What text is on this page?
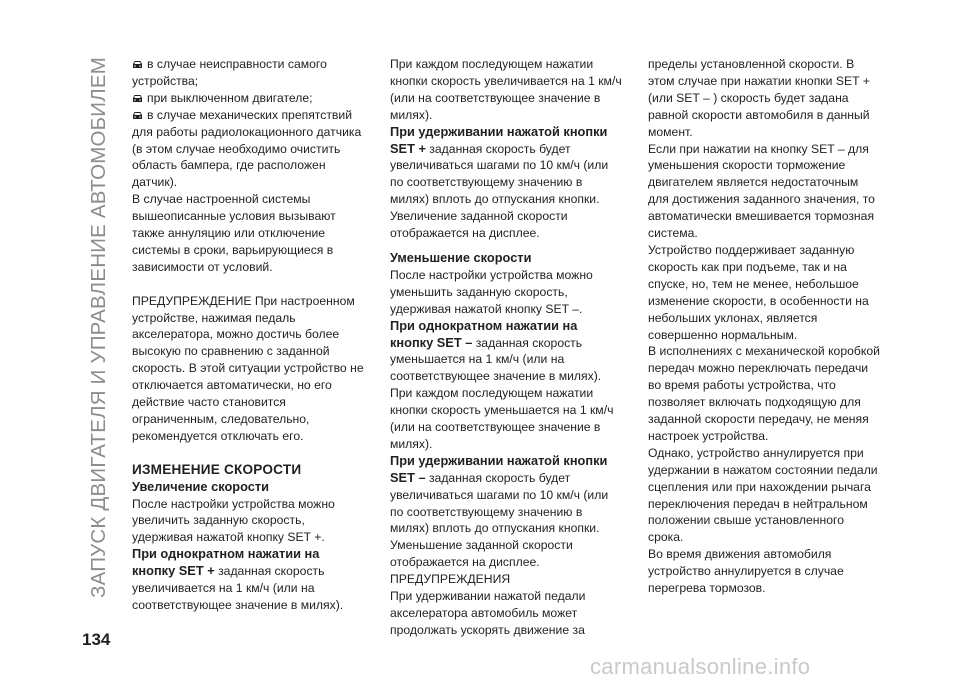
ЗАПУСК ДВИГАТЕЛЯ И УПРАВЛЕНИЕ АВТОМОБИЛЕМ
134

в случае неисправности самого устройства;

при выключенном двигателе;

в случае механических препятствий для работы радиолокационного датчика (в этом случае необходимо очистить область бампера, где расположен датчик).

В случае настроенной системы вышеописанные условия вызывают также аннуляцию или отключение системы в сроки, варьирующиеся в зависимости от условий.

ПРЕДУПРЕЖДЕНИЕ При настроенном устройстве, нажимая педаль акселератора, можно достичь более высокую по сравнению с заданной скорость. В этой ситуации устройство не отключается автоматически, но его действие часто становится ограниченным, следовательно, рекомендуется отключать его.

ИЗМЕНЕНИЕ СКОРОСТИ

Увеличение скорости

После настройки устройства можно увеличить заданную скорость, удерживая нажатой кнопку SET +.

При однократном нажатии на кнопку SET + заданная скорость увеличивается на 1 км/ч (или на соответствующее значение в милях).

При каждом последующем нажатии кнопки скорость увеличивается на 1 км/ч (или на соответствующее значение в милях).

При удерживании нажатой кнопки SET + заданная скорость будет увеличиваться шагами по 10 км/ч (или по соответствующему значению в милях) вплоть до отпускания кнопки. Увеличение заданной скорости отображается на дисплее.

Уменьшение скорости

После настройки устройства можно уменьшить заданную скорость, удерживая нажатой кнопку SET –.

При однократном нажатии на кнопку SET – заданная скорость уменьшается на 1 км/ч (или на соответствующее значение в милях).

При каждом последующем нажатии кнопки скорость уменьшается на 1 км/ч (или на соответствующее значение в милях).

При удерживании нажатой кнопки SET – заданная скорость будет увеличиваться шагами по 10 км/ч (или по соответствующему значению в милях) вплоть до отпускания кнопки. Уменьшение заданной скорости отображается на дисплее.

ПРЕДУПРЕЖДЕНИЯ

При удерживании нажатой педали акселератора автомобиль может продолжать ускорять движение за

пределы установленной скорости. В этом случае при нажатии кнопки SET + (или SET – ) скорость будет задана равной скорости автомобиля в данный момент.

Если при нажатии на кнопку SET – для уменьшения скорости торможение двигателем является недостаточным для достижения заданного значения, то автоматически вмешивается тормозная система.

Устройство поддерживает заданную скорость как при подъеме, так и на спуске, но, тем не менее, небольшое изменение скорости, в особенности на небольших уклонах, является совершенно нормальным.

В исполнениях с механической коробкой передач можно переключать передачи во время работы устройства, что позволяет включать подходящую для заданной скорости передачу, не меняя настроек устройства.

Однако, устройство аннулируется при удержании в нажатом состоянии педали сцепления или при нахождении рычага переключения передач в нейтральном положении свыше установленного срока.

Во время движения автомобиля устройство аннулируется в случае перегрева тормозов.

carmanualsonline.info
